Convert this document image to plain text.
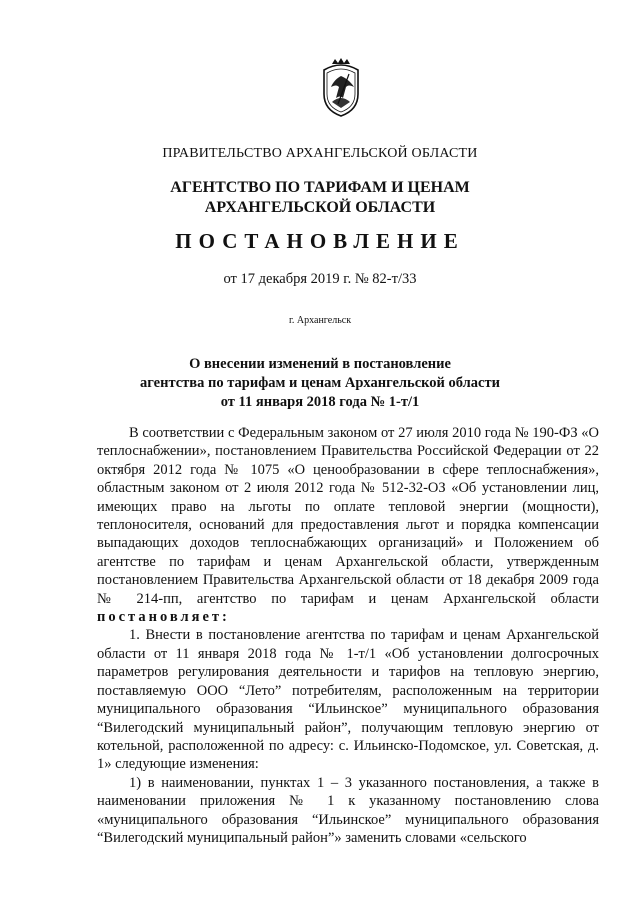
ПРАВИТЕЛЬСТВО АРХАНГЕЛЬСКОЙ ОБЛАСТИ
АГЕНТСТВО ПО ТАРИФАМ И ЦЕНАМ
АРХАНГЕЛЬСКОЙ ОБЛАСТИ
ПОСТАНОВЛЕНИЕ
от 17 декабря 2019 г. № 82-т/33
г. Архангельск
О внесении изменений в постановление
агентства по тарифам и ценам Архангельской области
от 11 января 2018 года № 1-т/1

В соответствии с Федеральным законом от 27 июля 2010 года № 190-ФЗ «О теплоснабжении», постановлением Правительства Российской Федерации от 22 октября 2012 года № 1075 «О ценообразовании в сфере теплоснабжения», областным законом от 2 июля 2012 года № 512-32-ОЗ «Об установлении лиц, имеющих право на льготы по оплате тепловой энергии (мощности), теплоносителя, оснований для предоставления льгот и порядка компенсации выпадающих доходов теплоснабжающих организаций» и Положением об агентстве по тарифам и ценам Архангельской области, утвержденным постановлением Правительства Архангельской области от 18 декабря 2009 года № 214-пп, агентство по тарифам и ценам Архангельской области постановляет:

1. Внести в постановление агентства по тарифам и ценам Архангельской области от 11 января 2018 года № 1-т/1 «Об установлении долгосрочных параметров регулирования деятельности и тарифов на тепловую энергию, поставляемую ООО “Лето” потребителям, расположенным на территории муниципального образования “Ильинское” муниципального образования “Вилегодский муниципальный район”, получающим тепловую энергию от котельной, расположенной по адресу: с. Ильинско-Подомское, ул. Советская, д. 1» следующие изменения:

1) в наименовании, пунктах 1 – 3 указанного постановления, а также в наименовании приложения № 1 к указанному постановлению слова «муниципального образования “Ильинское” муниципального образования “Вилегодский муниципальный район”» заменить словами «сельского
